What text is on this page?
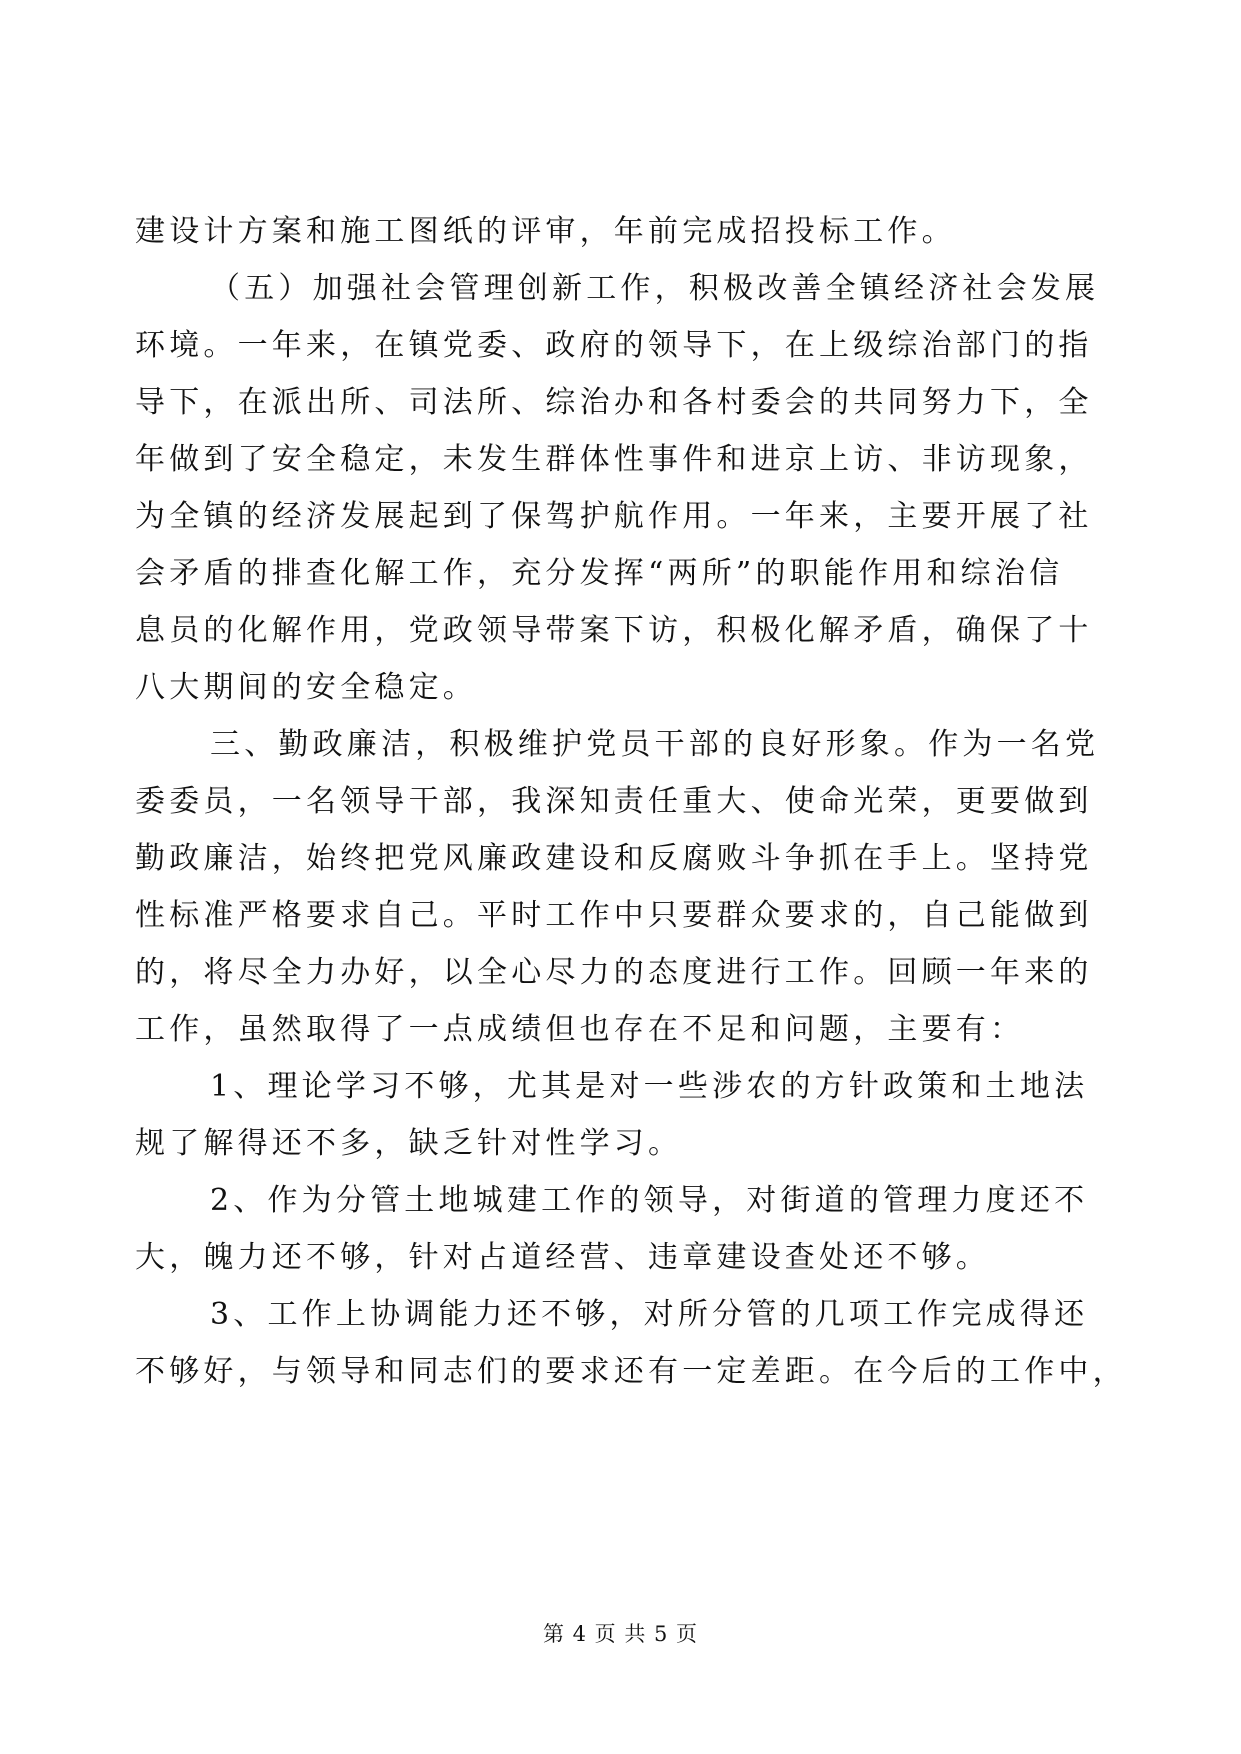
建设计方案和施工图纸的评审，年前完成招投标工作。
（五）加强社会管理创新工作，积极改善全镇经济社会发展
环境。一年来，在镇党委、政府的领导下，在上级综治部门的指
导下，在派出所、司法所、综治办和各村委会的共同努力下，全
年做到了安全稳定，未发生群体性事件和进京上访、非访现象，
为全镇的经济发展起到了保驾护航作用。一年来，主要开展了社
会矛盾的排查化解工作，充分发挥“两所”的职能作用和综治信
息员的化解作用，党政领导带案下访，积极化解矛盾，确保了十
八大期间的安全稳定。
三、勤政廉洁，积极维护党员干部的良好形象。作为一名党
委委员，一名领导干部，我深知责任重大、使命光荣，更要做到
勤政廉洁，始终把党风廉政建设和反腐败斗争抓在手上。坚持党
性标准严格要求自己。平时工作中只要群众要求的，自己能做到
的，将尽全力办好，以全心尽力的态度进行工作。回顾一年来的
工作，虽然取得了一点成绩但也存在不足和问题，主要有：
1、理论学习不够，尤其是对一些涉农的方针政策和土地法
规了解得还不多，缺乏针对性学习。
2、作为分管土地城建工作的领导，对街道的管理力度还不
大，魄力还不够，针对占道经营、违章建设查处还不够。
3、工作上协调能力还不够，对所分管的几项工作完成得还
不够好，与领导和同志们的要求还有一定差距。在今后的工作中，
第 4 页 共 5 页
